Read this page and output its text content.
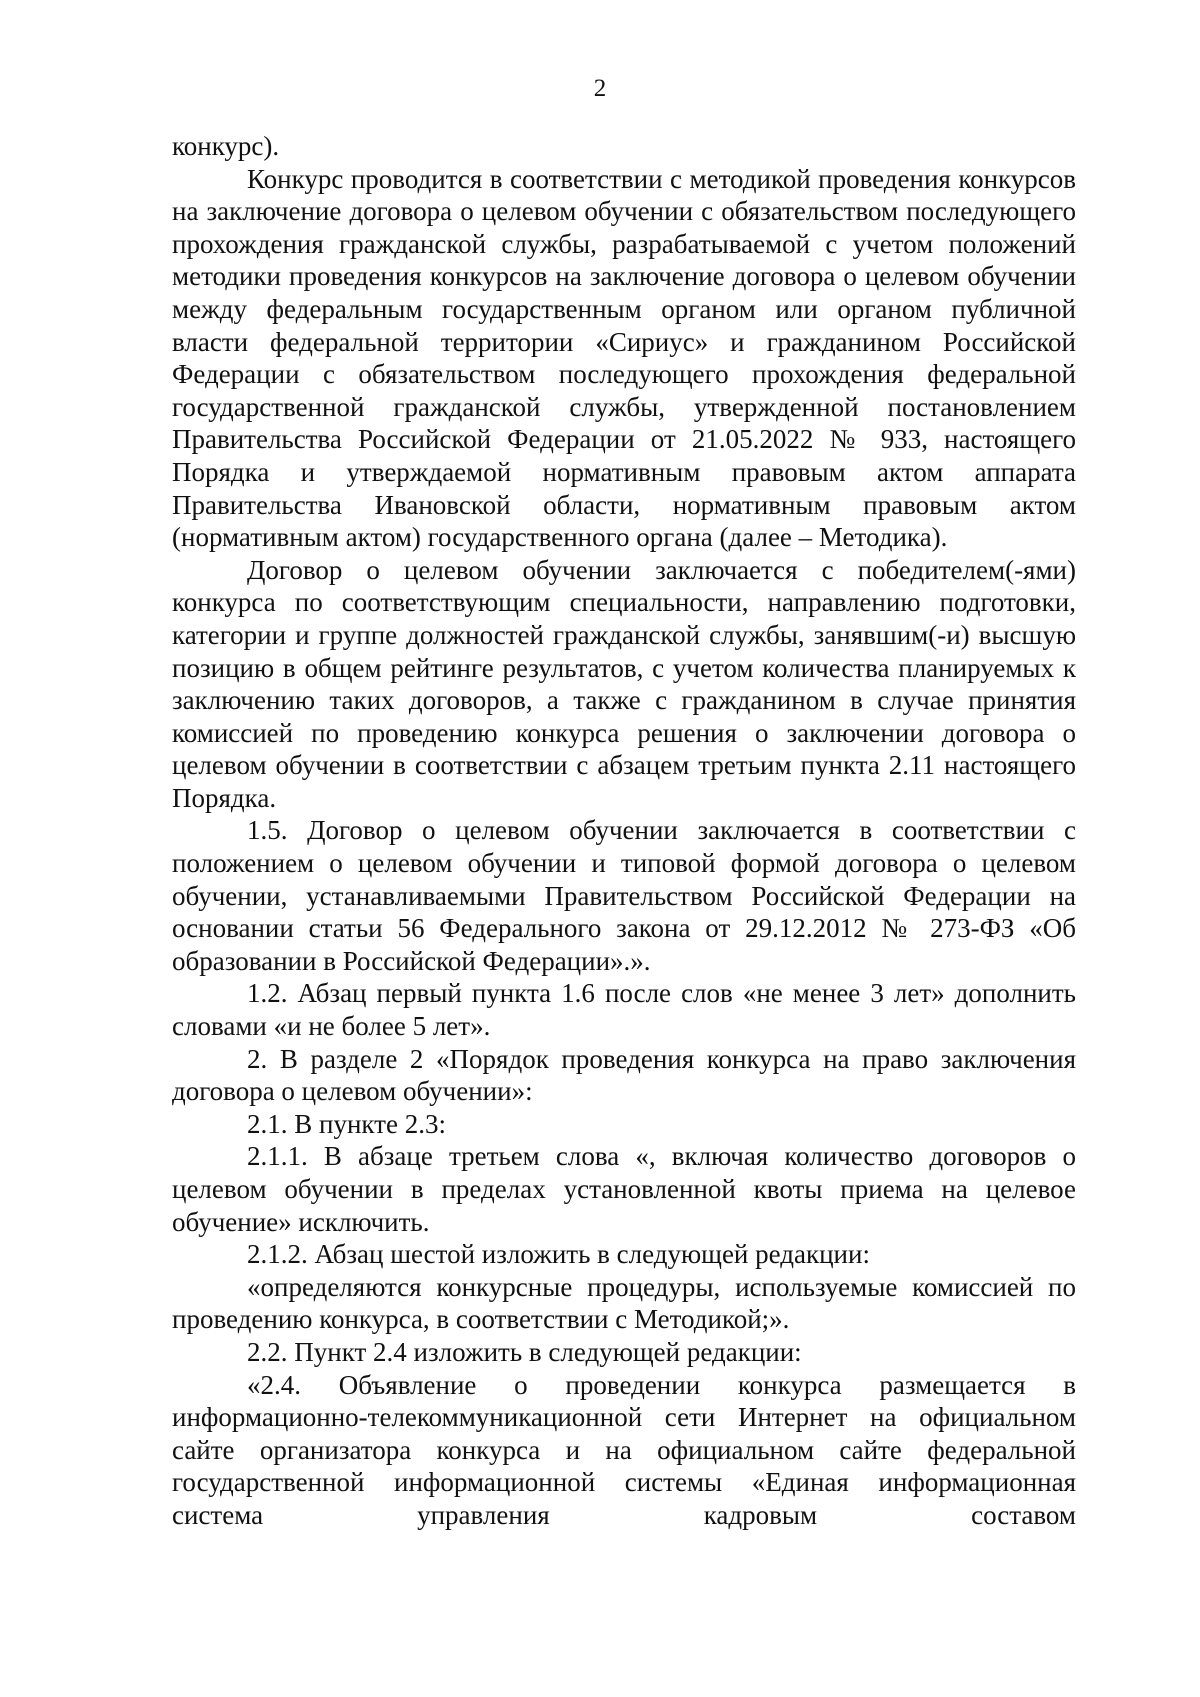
2

конкурс).

Конкурс проводится в соответствии с методикой проведения конкурсов на заключение договора о целевом обучении с обязательством последующего прохождения гражданской службы, разрабатываемой с учетом положений методики проведения конкурсов на заключение договора о целевом обучении между федеральным государственным органом или органом публичной власти федеральной территории «Сириус» и гражданином Российской Федерации с обязательством последующего прохождения федеральной государственной гражданской службы, утвержденной постановлением Правительства Российской Федерации от 21.05.2022 № 933, настоящего Порядка и утверждаемой нормативным правовым актом аппарата Правительства Ивановской области, нормативным правовым актом (нормативным актом) государственного органа (далее – Методика).

Договор о целевом обучении заключается с победителем(-ями) конкурса по соответствующим специальности, направлению подготовки, категории и группе должностей гражданской службы, занявшим(-и) высшую позицию в общем рейтинге результатов, с учетом количества планируемых к заключению таких договоров, а также с гражданином в случае принятия комиссией по проведению конкурса решения о заключении договора о целевом обучении в соответствии с абзацем третьим пункта 2.11 настоящего Порядка.

1.5. Договор о целевом обучении заключается в соответствии с положением о целевом обучении и типовой формой договора о целевом обучении, устанавливаемыми Правительством Российской Федерации на основании статьи 56 Федерального закона от 29.12.2012 № 273-ФЗ «Об образовании в Российской Федерации».».

1.2. Абзац первый пункта 1.6 после слов «не менее 3 лет» дополнить словами «и не более 5 лет».

2. В разделе 2 «Порядок проведения конкурса на право заключения договора о целевом обучении»:

2.1. В пункте 2.3:

2.1.1. В абзаце третьем слова «, включая количество договоров о целевом обучении в пределах установленной квоты приема на целевое обучение» исключить.

2.1.2. Абзац шестой изложить в следующей редакции:

«определяются конкурсные процедуры, используемые комиссией по проведению конкурса, в соответствии с Методикой;».

2.2. Пункт 2.4 изложить в следующей редакции:

«2.4. Объявление о проведении конкурса размещается в информационно-телекоммуникационной сети Интернет на официальном сайте организатора конкурса и на официальном сайте федеральной государственной информационной системы «Единая информационная система управления кадровым составом
